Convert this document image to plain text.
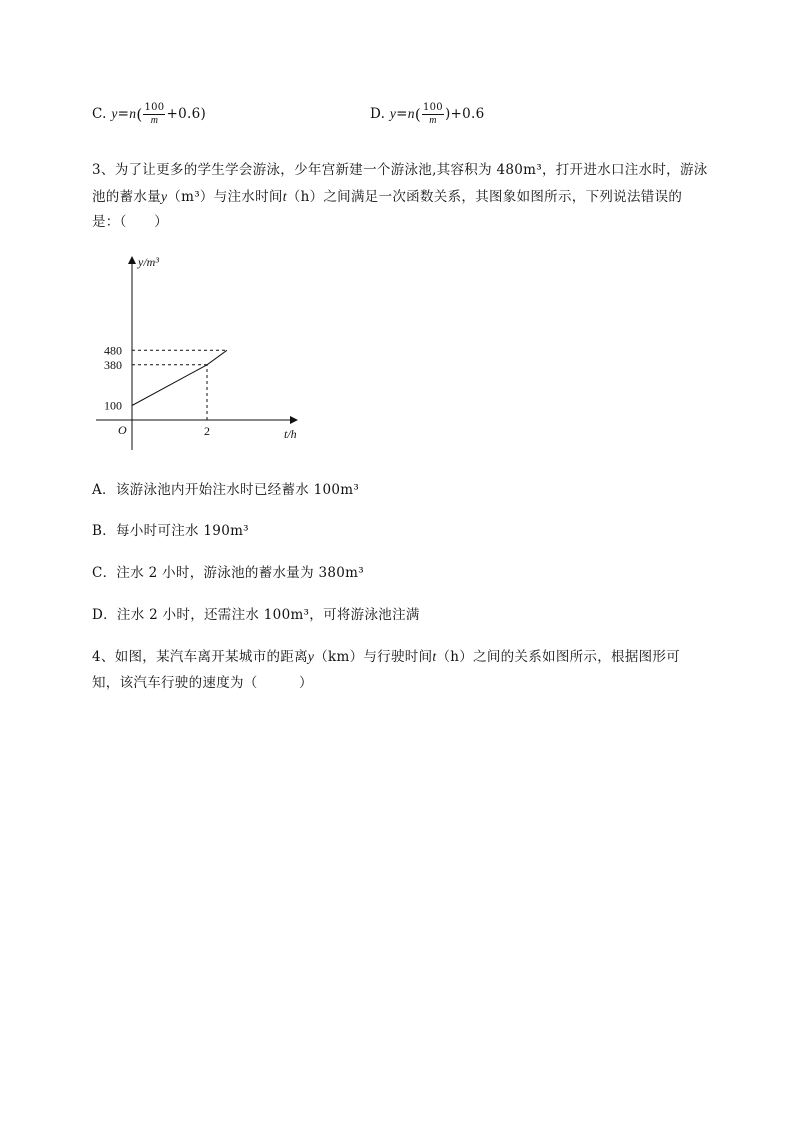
C. $y=n( \frac{100}{m} +0.6)$	D. $y=n( \frac{100}{m} )+0.6$
3、为了让更多的学生学会游泳，少年宫新建一个游泳池,其容积为 480m³，打开进水口注水时，游泳
池的蓄水量y（m³）与注水时间t（h）之间满足一次函数关系，其图象如图所示，下列说法错误的
是：（　　）
y/m³
t/h
O
100
380
480
2
A．该游泳池内开始注水时已经蓄水 100m³
B．每小时可注水 190m³
C．注水 2 小时，游泳池的蓄水量为 380m³
D．注水 2 小时，还需注水 100m³，可将游泳池注满
4、如图，某汽车离开某城市的距离y（km）与行驶时间t（h）之间的关系如图所示，根据图形可
知，该汽车行驶的速度为（　　　）
